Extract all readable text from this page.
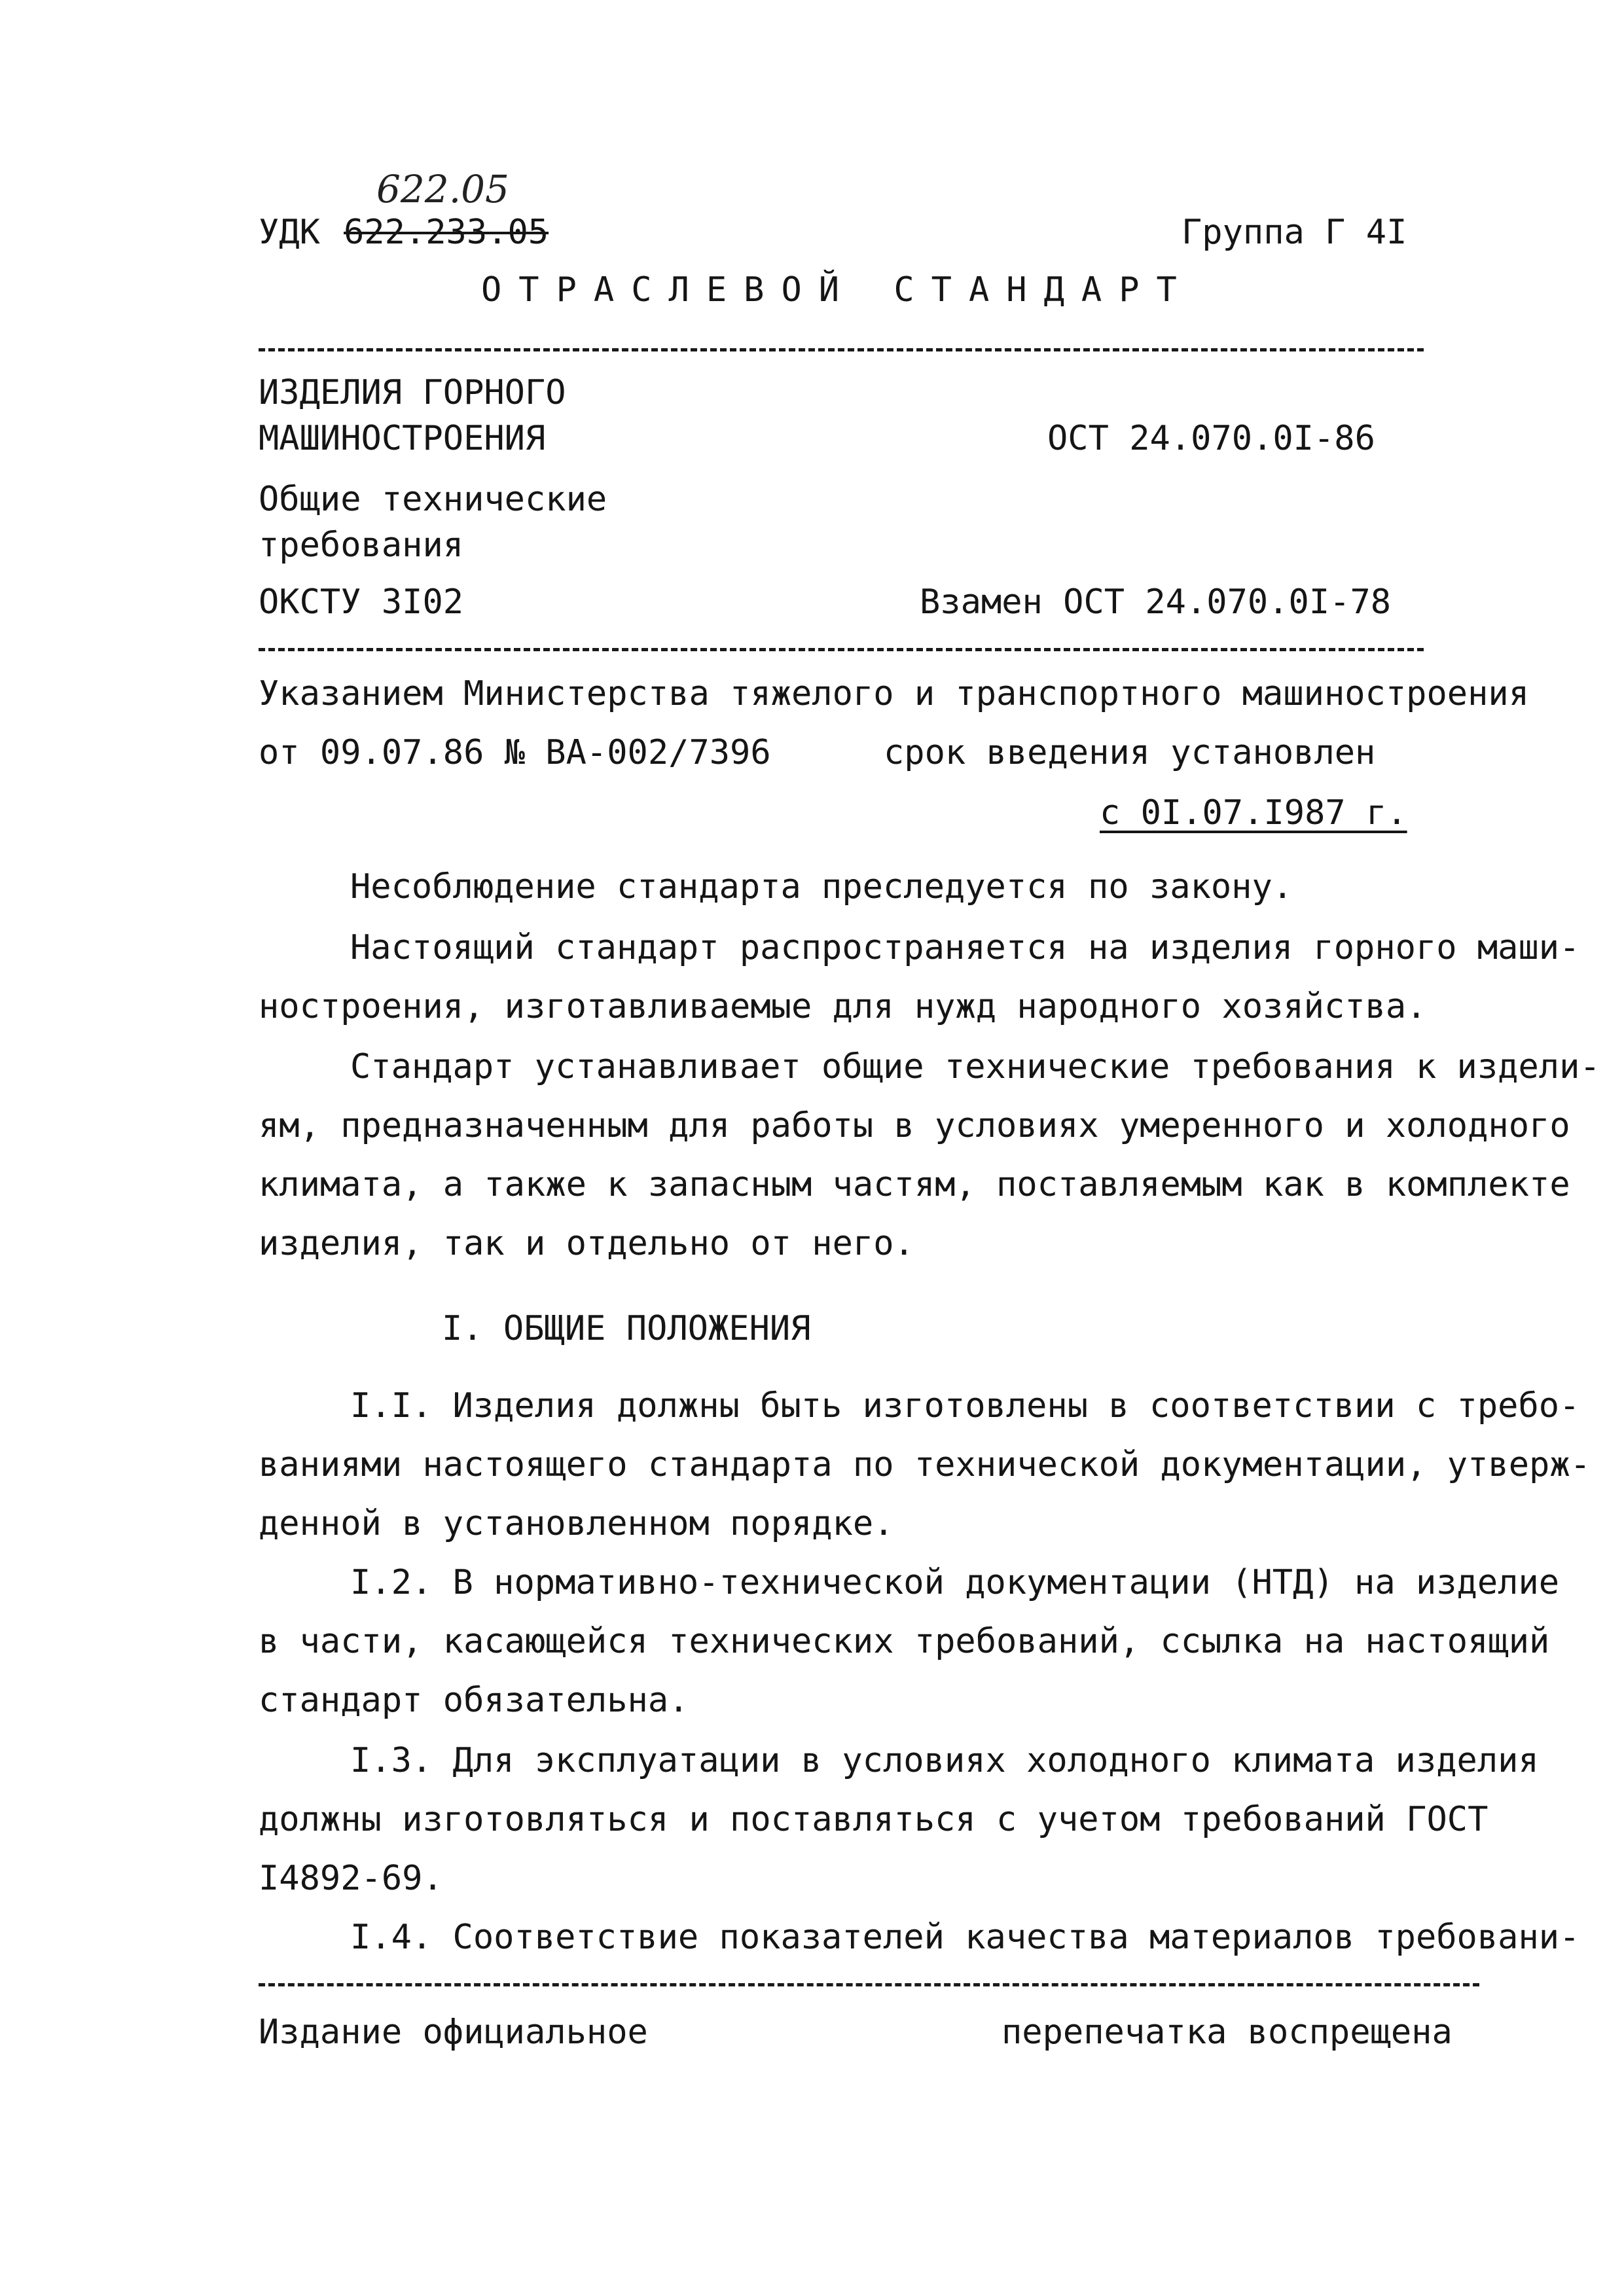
622.05
УДК 622.233.05	Группа Г 4I
ОТРАСЛЕВОЙ СТАНДАРТ
ИЗДЕЛИЯ ГОРНОГО
МАШИНОСТРОЕНИЯ	ОСТ 24.070.0I-86
Общие технические
требования
ОКСТУ 3I02	Взамен ОСТ 24.070.0I-78
Указанием Министерства тяжелого и транспортного машиностроения
от 09.07.86 № ВА-002/7396	срок введения установлен
с 0I.07.I987 г.
Несоблюдение стандарта преследуется по закону.
Настоящий стандарт распространяется на изделия горного маши-
ностроения, изготавливаемые для нужд народного хозяйства.
Стандарт устанавливает общие технические требования к издели-
ям, предназначенным для работы в условиях умеренного и холодного
климата, а также к запасным частям, поставляемым как в комплекте
изделия, так и отдельно от него.
I. ОБЩИЕ ПОЛОЖЕНИЯ
I.I. Изделия должны быть изготовлены в соответствии с требо-
ваниями настоящего стандарта по технической документации, утверж-
денной в установленном порядке.
I.2. В нормативно-технической документации (НТД) на изделие
в части, касающейся технических требований, ссылка на настоящий
стандарт обязательна.
I.3. Для эксплуатации в условиях холодного климата изделия
должны изготовляться и поставляться с учетом требований ГОСТ
I4892-69.
I.4. Соответствие показателей качества материалов требовани-
Издание официальное	перепечатка воспрещена
